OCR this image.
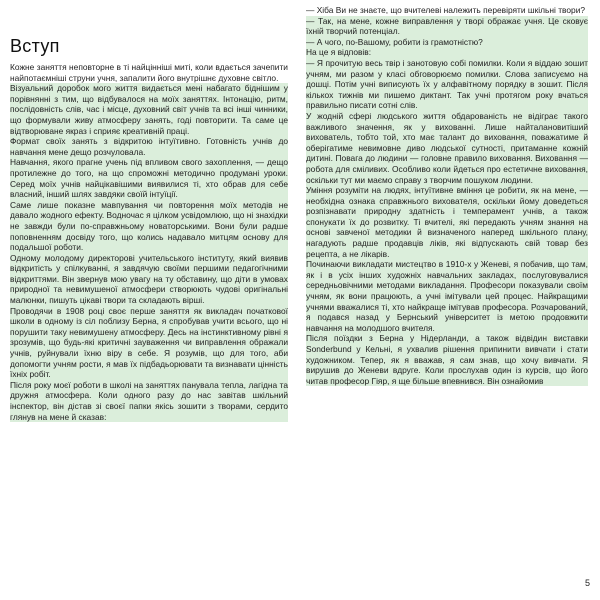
Вступ

Кожне заняття неповторне в ті найцінніші миті, коли вдається зачепити найпотаємніші струни учня, запалити його внутрішнє духовне світло.

Візуальний доробок мого життя видається мені набагато біднішим у порівнянні з тим, що відбувалося на моїх заняттях. Інтонацію, ритм, послідовність слів, час і місце, духовний світ учнів та всі інші чинники, що формували живу атмосферу занять, годі повторити. Та саме це відтворюване якраз і сприяє креативній праці.

Формат своїх занять з відкритою інтуїтивно. Готовність учнів до навчання мене дещо розчуловала.

Навчання, якого прагне учень під впливом свого захоплення, — дещо протилежне до того, на що спроможні методично продумані уроки. Серед моїх учнів найцікавішими виявилися ті, хто обрав для себе власний, інший шлях завдяки своїй інтуїції.

Саме лише показне мавпування чи повторення моїх методів не давало жодного ефекту. Водночас я цілком усвідомлюю, що ні знахідки не завжди були по-справжньому новаторськими. Вони були радше поповненням досвіду того, що колись надавало митцям основу для подальшої роботи.

Одному молодому директорові учительського інституту, який виявив відкритість у спілкуванні, я завдячую своїми першими педагогічними відкриттями. Він звернув мою увагу на ту обставину, що діти в умовах природної та невимушеної атмосфери створюють чудові оригінальні малюнки, пишуть цікаві твори та складають вірші.

Проводячи в 1908 році своє перше заняття як викладач початкової школи в одному із сіл поблизу Берна, я спробував учити всього, що ні порушити таку невимушену атмосферу. Десь на інстинктивному рівні я зрозумів, що будь-які критичні зауваження чи виправлення ображали учнів, руйнували їхню віру в себе. Я розумів, що для того, аби допомогти учням рости, я мав їх підбадьорювати та визнавати цінність їхніх робіт.

Після року моєї роботи в школі на заняттях панувала тепла, лагідна та дружня атмосфера. Коли одного разу до нас завітав шкільний інспектор, він дістав зі своєї папки якісь зошити з творами, сердито глянув на мене й сказав:

— Хіба Ви не знаєте, що вчителеві належить перевіряти шкільні твори?

— Так, на мене, кожне виправлення у творі ображає учня. Це сковує їхній творчий потенціал.

— А чого, по-Вашому, робити із грамотністю?

На це я відповів:

— Я прочитую весь твір і занотовую собі помилки. Коли я віддаю зошит учням, ми разом у класі обговорюємо помилки. Слова записуємо на дошці. Потім учні виписують їх у алфавітному порядку в зошит. Після кількох тижнів ми пишемо диктант. Так учні протягом року вчаться правильно писати сотні слів.

У жодній сфері людського життя обдарованість не відіграє такого важливого значення, як у вихованні. Лише найталановитіший вихователь, тобто той, хто має талант до виховання, поважатиме й оберігатиме невимовне диво людської сутності, притаманне кожній дитині. Повага до людини — головне правило виховання. Виховання — робота для сміливих. Особливо коли йдеться про естетичне виховання, оскільки тут ми маємо справу з творчим пошуком людини.

Уміння розуміти на людях, інтуїтивне вміння це робити, як на мене, — необхідна ознака справжнього вихователя, оскільки йому доведеться розпізнавати природну здатність і темперамент учнів, а також спонукати їх до розвитку. Ті вчителі, які передають учням знання на основі завченої методики й визначеного наперед шкільного плану, нагадують радше продавців ліків, які відпускають свій товар без рецепта, а не лікарів.

Починаючи викладати мистецтво в 1910-х у Женеві, я побачив, що там, як і в усіх інших художніх навчальних закладах, послуговувалися середньовічними методами викладання. Професори показували своїм учням, як вони працюють, а учні імітували цей процес. Найкращими учнями вважалися ті, хто найкраще імітував професора. Розчарований, я подався назад у Бернський університет із метою продовжити навчання на молодшого вчителя.

Після поїздки з Берна у Нідерланди, а також відвідин виставки Sonderbund у Кельні, я ухвалив рішення припинити вивчати і стати художником. Тепер, як я вважав, я сам знав, що хочу вивчати. Я вирушив до Женеви вдруге. Коли прослухав один із курсів, що його читав професор Гіяр, я ще більше впевнився. Він ознайомив

5
